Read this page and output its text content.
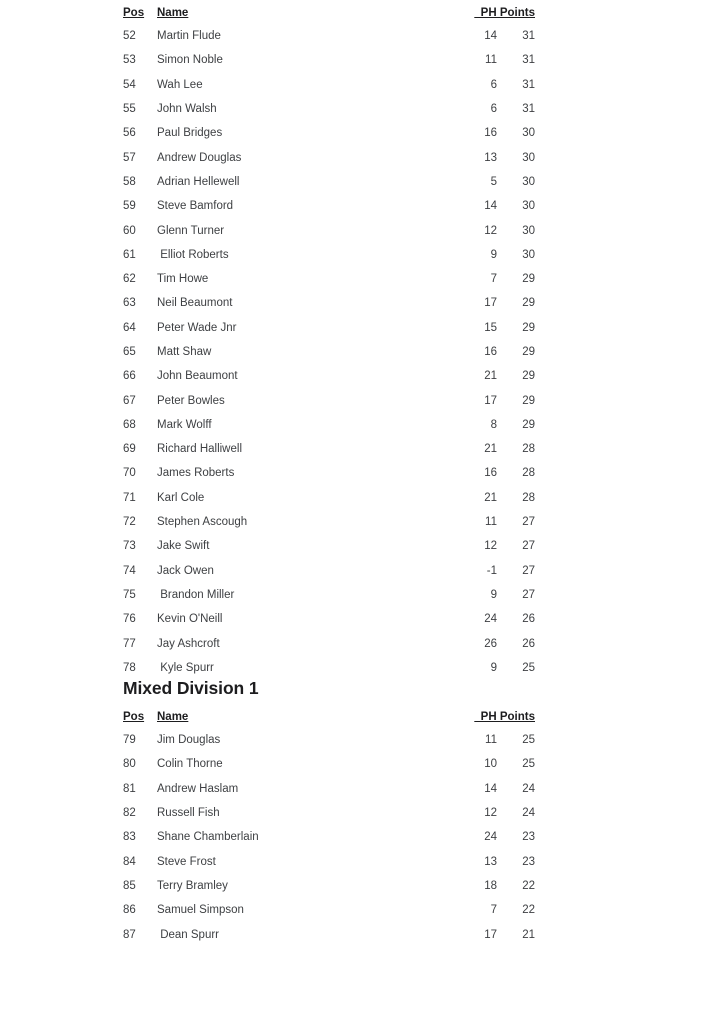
Pos	Name	PH Points
52	Martin Flude	14	31
53	Simon Noble	11	31
54	Wah Lee	6	31
55	John Walsh	6	31
56	Paul Bridges	16	30
57	Andrew Douglas	13	30
58	Adrian Hellewell	5	30
59	Steve Bamford	14	30
60	Glenn Turner	12	30
61	Elliot Roberts	9	30
62	Tim Howe	7	29
63	Neil Beaumont	17	29
64	Peter Wade Jnr	15	29
65	Matt Shaw	16	29
66	John Beaumont	21	29
67	Peter Bowles	17	29
68	Mark Wolff	8	29
69	Richard Halliwell	21	28
70	James Roberts	16	28
71	Karl Cole	21	28
72	Stephen Ascough	11	27
73	Jake Swift	12	27
74	Jack Owen	-1	27
75	Brandon Miller	9	27
76	Kevin O'Neill	24	26
77	Jay Ashcroft	26	26
78	Kyle Spurr	9	25
Mixed Division 1
Pos	Name	PH Points
79	Jim Douglas	11	25
80	Colin Thorne	10	25
81	Andrew Haslam	14	24
82	Russell Fish	12	24
83	Shane Chamberlain	24	23
84	Steve Frost	13	23
85	Terry Bramley	18	22
86	Samuel Simpson	7	22
87	Dean Spurr	17	21
